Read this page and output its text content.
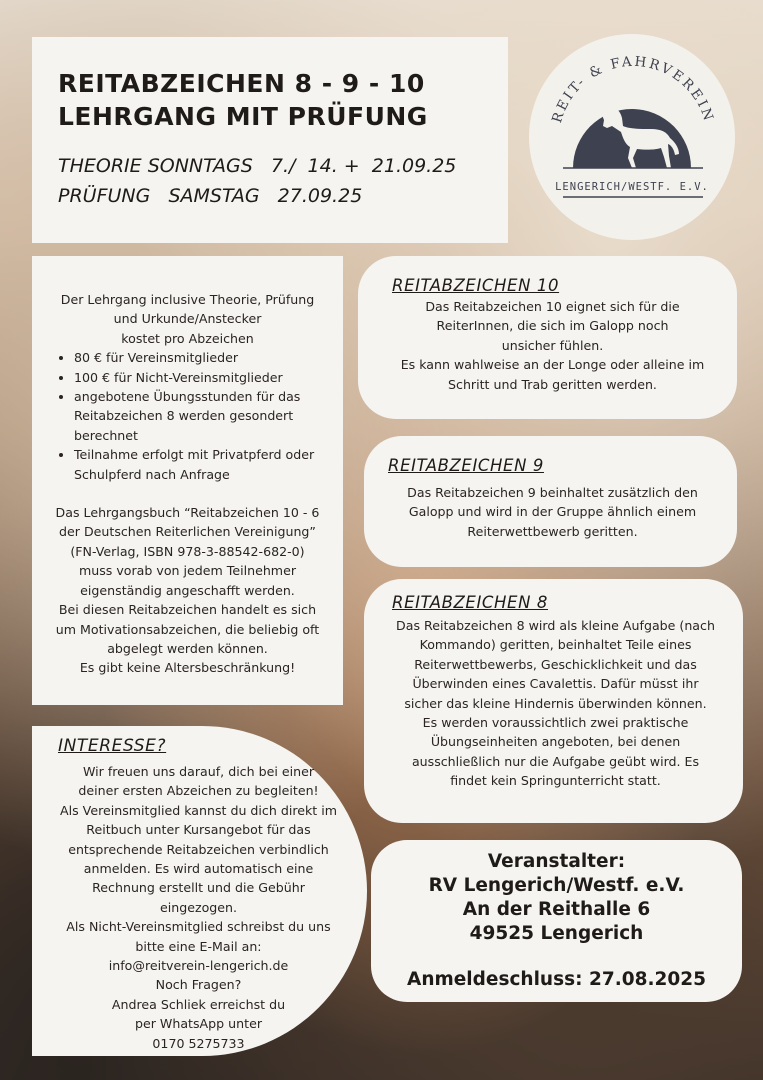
REITABZEICHEN 8 - 9 - 10
LEHRGANG MIT PRÜFUNG
THEORIE SONNTAGS   7./  14. +  21.09.25
PRÜFUNG   SAMSTAG   27.09.25
REIT- & FAHRVEREIN
LENGERICH/WESTF. E.V.
Der Lehrgang inclusive Theorie, Prüfung
und Urkunde/Anstecker
kostet pro Abzeichen
• 80 € für Vereinsmitglieder
• 100 € für Nicht-Vereinsmitglieder
• angebotene Übungsstunden für das Reitabzeichen 8 werden gesondert berechnet
• Teilnahme erfolgt mit Privatpferd oder Schulpferd nach Anfrage
Das Lehrgangsbuch “Reitabzeichen 10 - 6
der Deutschen Reiterlichen Vereinigung”
(FN-Verlag, ISBN 978-3-88542-682-0)
muss vorab von jedem Teilnehmer
eigenständig angeschafft werden.
Bei diesen Reitabzeichen handelt es sich
um Motivationsabzeichen, die beliebig oft
abgelegt werden können.
Es gibt keine Altersbeschränkung!
REITABZEICHEN 10
Das Reitabzeichen 10 eignet sich für die
ReiterInnen, die sich im Galopp noch
unsicher fühlen.
Es kann wahlweise an der Longe oder alleine im
Schritt und Trab geritten werden.
REITABZEICHEN 9
Das Reitabzeichen 9 beinhaltet zusätzlich den
Galopp und wird in der Gruppe ähnlich einem
Reiterwettbewerb geritten.
REITABZEICHEN 8
Das Reitabzeichen 8 wird als kleine Aufgabe (nach
Kommando) geritten, beinhaltet Teile eines
Reiterwettbewerbs, Geschicklichkeit und das
Überwinden eines Cavalettis. Dafür müsst ihr
sicher das kleine Hindernis überwinden können.
Es werden voraussichtlich zwei praktische
Übungseinheiten angeboten, bei denen
ausschließlich nur die Aufgabe geübt wird. Es
findet kein Springunterricht statt.
INTERESSE?
Wir freuen uns darauf, dich bei einer
deiner ersten Abzeichen zu begleiten!
Als Vereinsmitglied kannst du dich direkt im
Reitbuch unter Kursangebot für das
entsprechende Reitabzeichen verbindlich
anmelden. Es wird automatisch eine
Rechnung erstellt und die Gebühr
eingezogen.
Als Nicht-Vereinsmitglied schreibst du uns
bitte eine E-Mail an:
info@reitverein-lengerich.de
Noch Fragen?
Andrea Schliek erreichst du
per WhatsApp unter
0170 5275733
Veranstalter:
RV Lengerich/Westf. e.V.
An der Reithalle 6
49525 Lengerich
Anmeldeschluss: 27.08.2025
